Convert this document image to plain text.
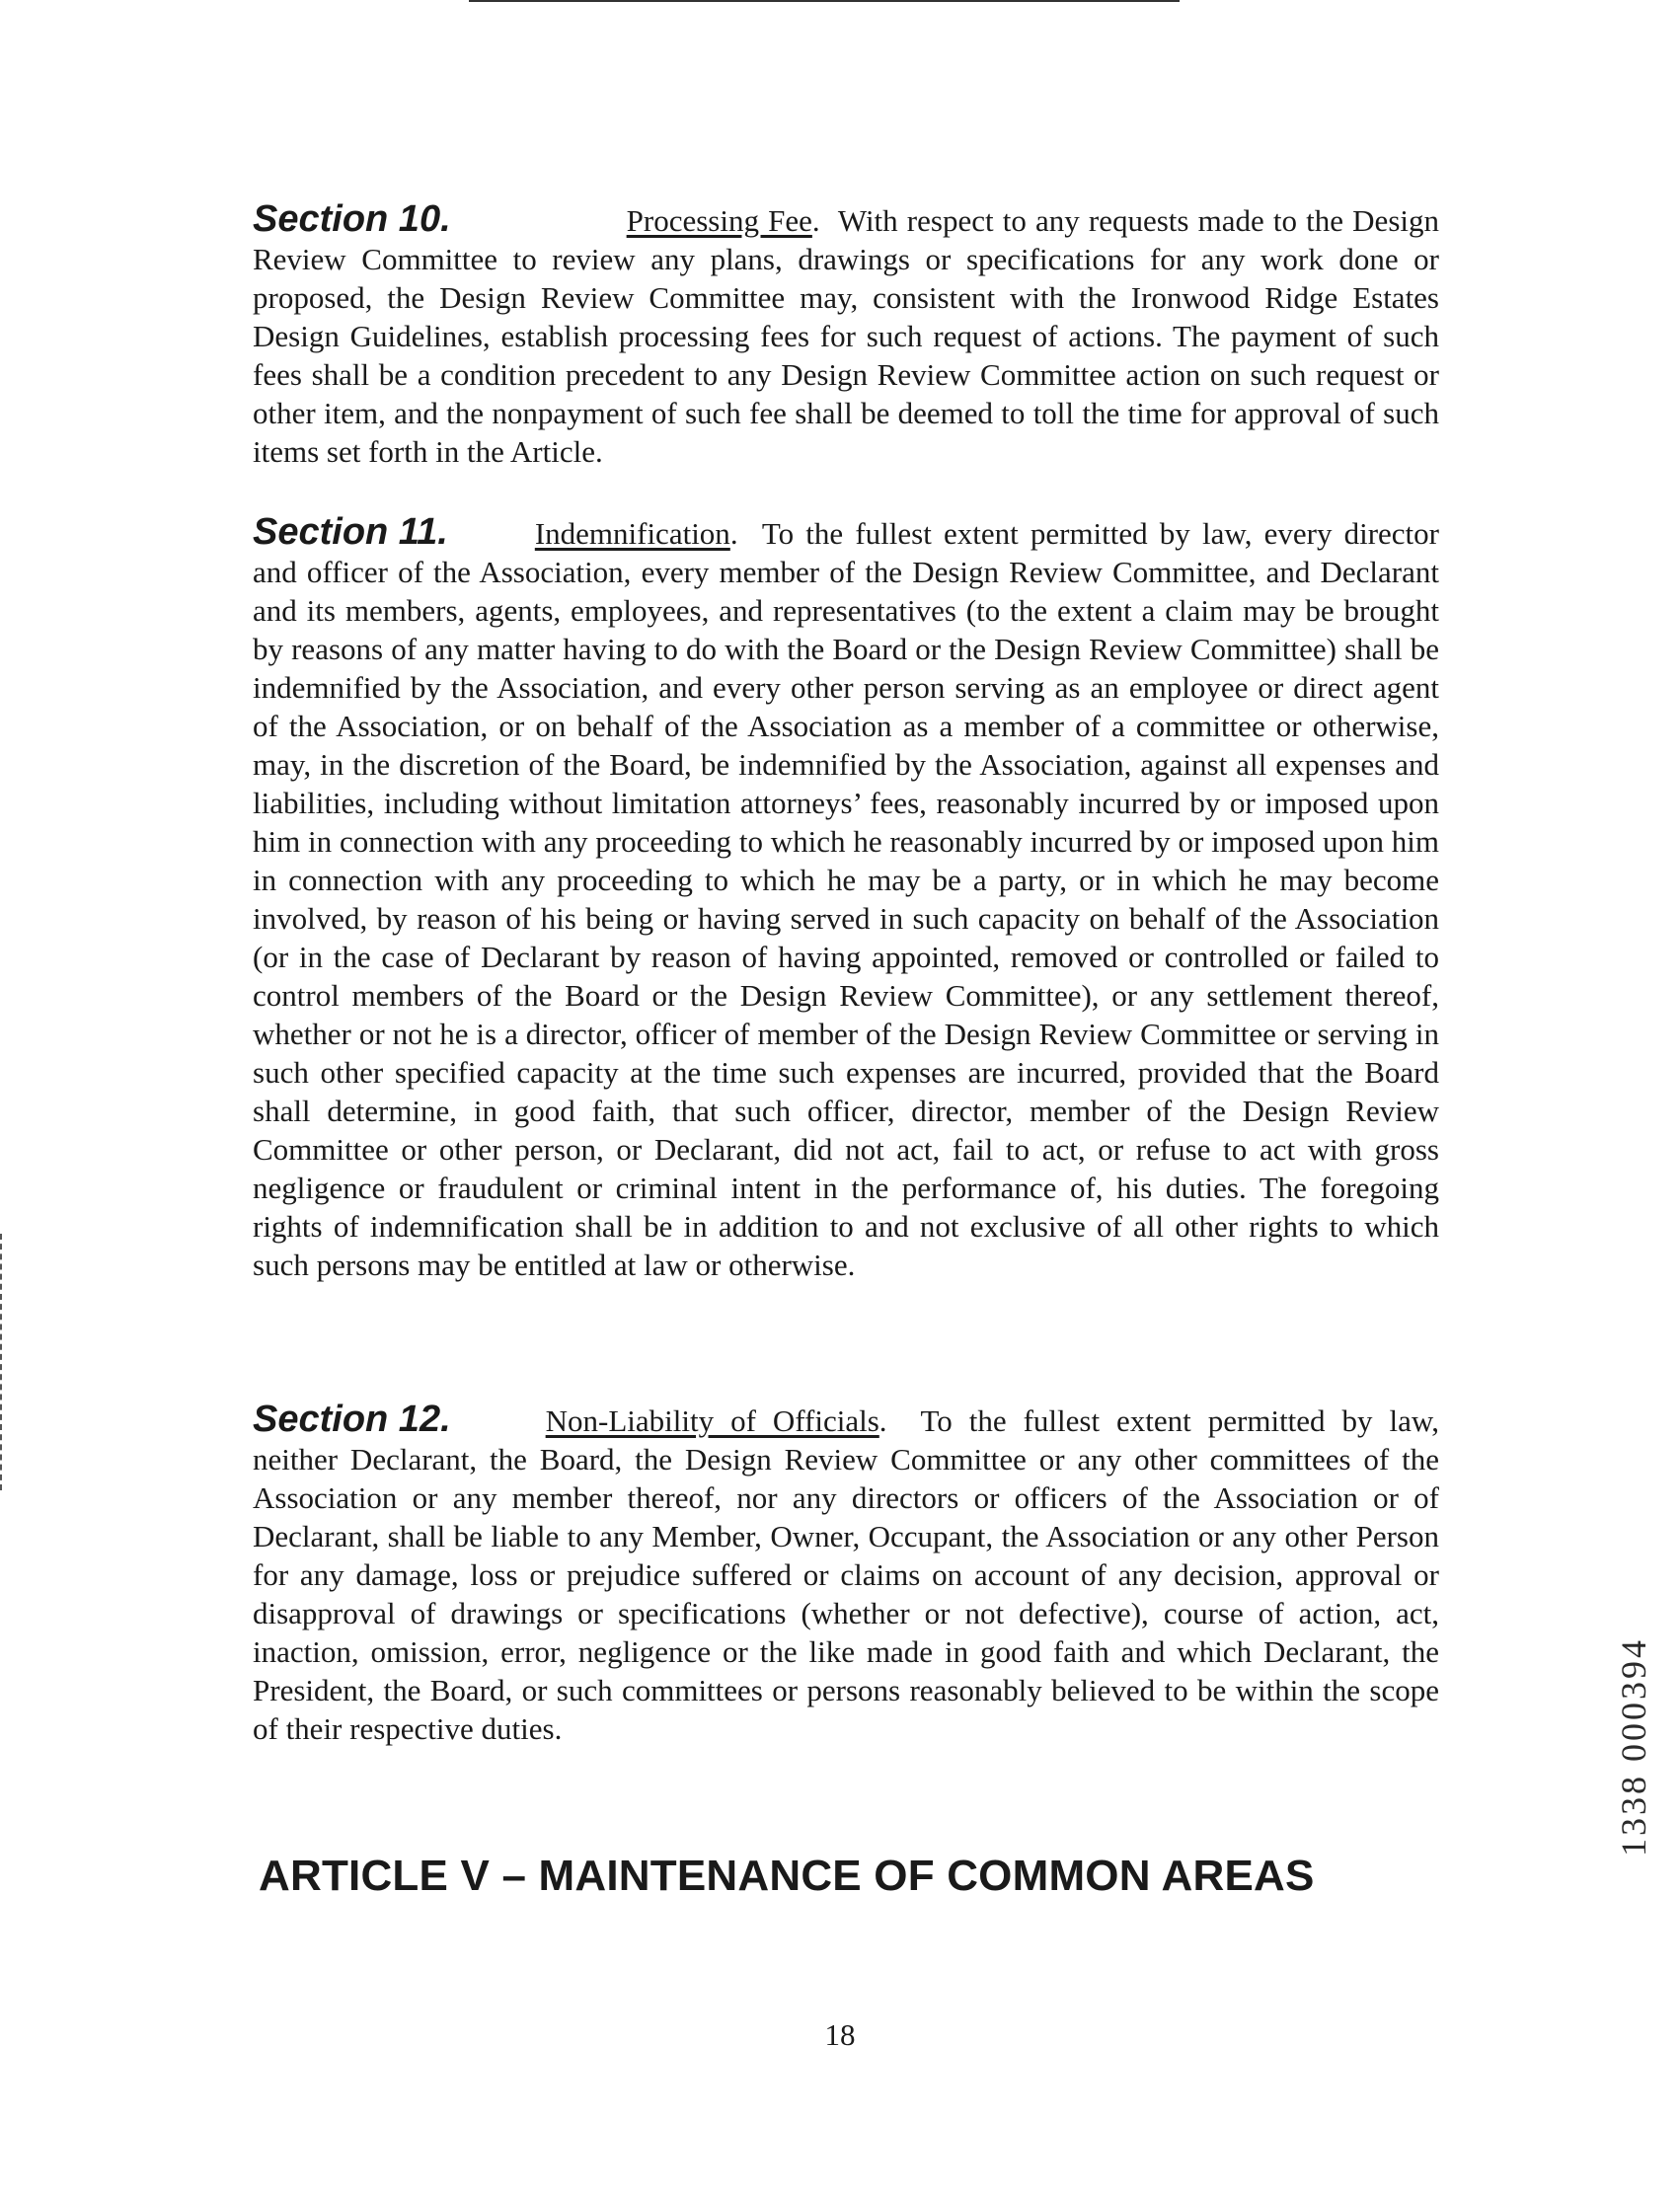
Section 10.	Processing Fee.  With respect to any requests made to the Design Review Committee to review any plans, drawings or specifications for any work done or proposed, the Design Review Committee may, consistent with the Ironwood Ridge Estates Design Guidelines, establish processing fees for such request of actions. The payment of such fees shall be a condition precedent to any Design Review Committee action on such request or other item, and the nonpayment of such fee shall be deemed to toll the time for approval of such items set forth in the Article.
Section 11.	Indemnification.  To the fullest extent permitted by law, every director and officer of the Association, every member of the Design Review Committee, and Declarant and its members, agents, employees, and representatives (to the extent a claim may be brought by reasons of any matter having to do with the Board or the Design Review Committee) shall be indemnified by the Association, and every other person serving as an employee or direct agent of the Association, or on behalf of the Association as a member of a committee or otherwise, may, in the discretion of the Board, be indemnified by the Association, against all expenses and liabilities, including without limitation attorneys’ fees, reasonably incurred by or imposed upon him in connection with any proceeding to which he reasonably incurred by or imposed upon him in connection with any proceeding to which he may be a party, or in which he may become involved, by reason of his being or having served in such capacity on behalf of the Association (or in the case of Declarant by reason of having appointed, removed or controlled or failed to control members of the Board or the Design Review Committee), or any settlement thereof, whether or not he is a director, officer of member of the Design Review Committee or serving in such other specified capacity at the time such expenses are incurred, provided that the Board shall determine, in good faith, that such officer, director, member of the Design Review Committee or other person, or Declarant, did not act, fail to act, or refuse to act with gross negligence or fraudulent or criminal intent in the performance of, his duties. The foregoing rights of indemnification shall be in addition to and not exclusive of all other rights to which such persons may be entitled at law or otherwise.
Section 12.	Non-Liability of Officials.  To the fullest extent permitted by law, neither Declarant, the Board, the Design Review Committee or any other committees of the Association or any member thereof, nor any directors or officers of the Association or of Declarant, shall be liable to any Member, Owner, Occupant, the Association or any other Person for any damage, loss or prejudice suffered or claims on account of any decision, approval or disapproval of drawings or specifications (whether or not defective), course of action, act, inaction, omission, error, negligence or the like made in good faith and which Declarant, the President, the Board, or such committees or persons reasonably believed to be within the scope of their respective duties.
ARTICLE V – MAINTENANCE OF COMMON AREAS
18
1338 000394
